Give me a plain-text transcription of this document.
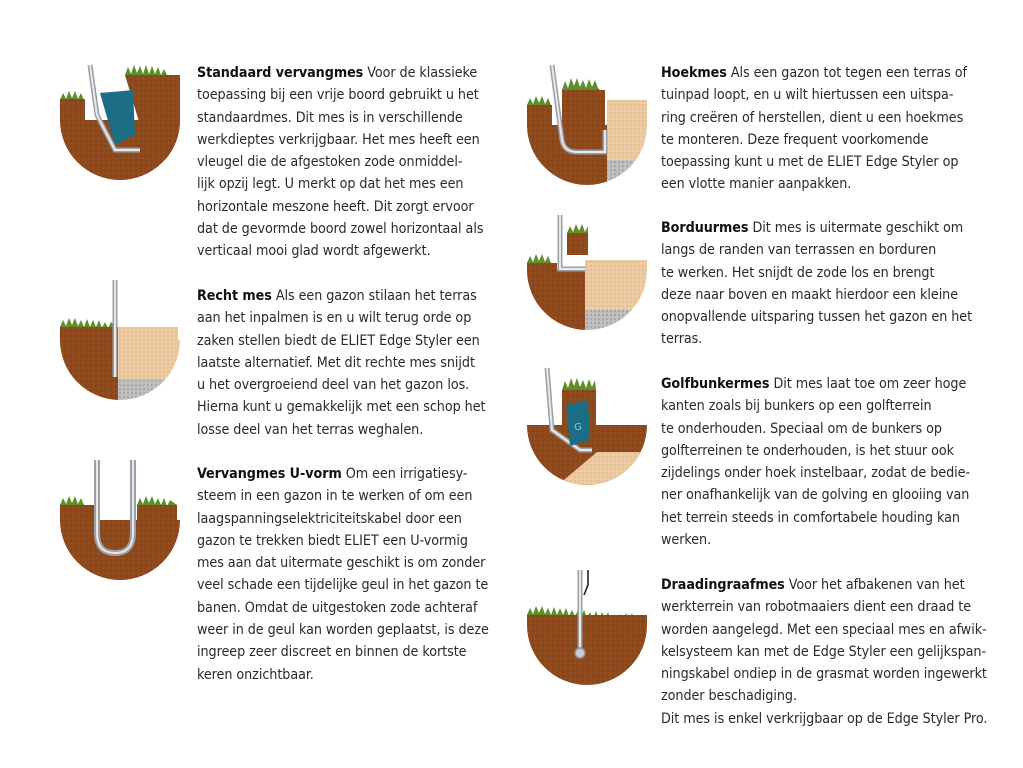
Standaard vervangmes Voor de klassieke
toepassing bij een vrije boord gebruikt u het
standaardmes. Dit mes is in verschillende
werkdieptes verkrijgbaar. Het mes heeft een
vleugel die de afgestoken zode onmiddel-
lijk opzij legt. U merkt op dat het mes een
horizontale meszone heeft. Dit zorgt ervoor
dat de gevormde boord zowel horizontaal als
verticaal mooi glad wordt afgewerkt.
Recht mes Als een gazon stilaan het terras
aan het inpalmen is en u wilt terug orde op
zaken stellen biedt de ELIET Edge Styler een
laatste alternatief. Met dit rechte mes snijdt
u het overgroeiend deel van het gazon los.
Hierna kunt u gemakkelijk met een schop het
losse deel van het terras weghalen.
Vervangmes U-vorm Om een irrigatiesy-
steem in een gazon in te werken of om een
laagspanningselektriciteitskabel door een
gazon te trekken biedt ELIET een U-vormig
mes aan dat uitermate geschikt is om zonder
veel schade een tijdelijke geul in het gazon te
banen. Omdat de uitgestoken zode achteraf
weer in de geul kan worden geplaatst, is deze
ingreep zeer discreet en binnen de kortste
keren onzichtbaar.
Hoekmes Als een gazon tot tegen een terras of
tuinpad loopt, en u wilt hiertussen een uitspa-
ring creëren of herstellen, dient u een hoekmes
te monteren. Deze frequent voorkomende
toepassing kunt u met de ELIET Edge Styler op
een vlotte manier aanpakken.
Borduurmes Dit mes is uitermate geschikt om
langs de randen van terrassen en borduren
te werken. Het snijdt de zode los en brengt
deze naar boven en maakt hierdoor een kleine
onopvallende uitsparing tussen het gazon en het
terras.
G
Golfbunkermes Dit mes laat toe om zeer hoge
kanten zoals bij bunkers op een golfterrein
te onderhouden. Speciaal om de bunkers op
golfterreinen te onderhouden, is het stuur ook
zijdelings onder hoek instelbaar, zodat de bedie-
ner onafhankelijk van de golving en glooiing van
het terrein steeds in comfortabele houding kan
werken.
Draadingraafmes Voor het afbakenen van het
werkterrein van robotmaaiers dient een draad te
worden aangelegd. Met een speciaal mes en afwik-
kelsysteem kan met de Edge Styler een gelijkspan-
ningskabel ondiep in de grasmat worden ingewerkt
zonder beschadiging.
Dit mes is enkel verkrijgbaar op de Edge Styler Pro.
